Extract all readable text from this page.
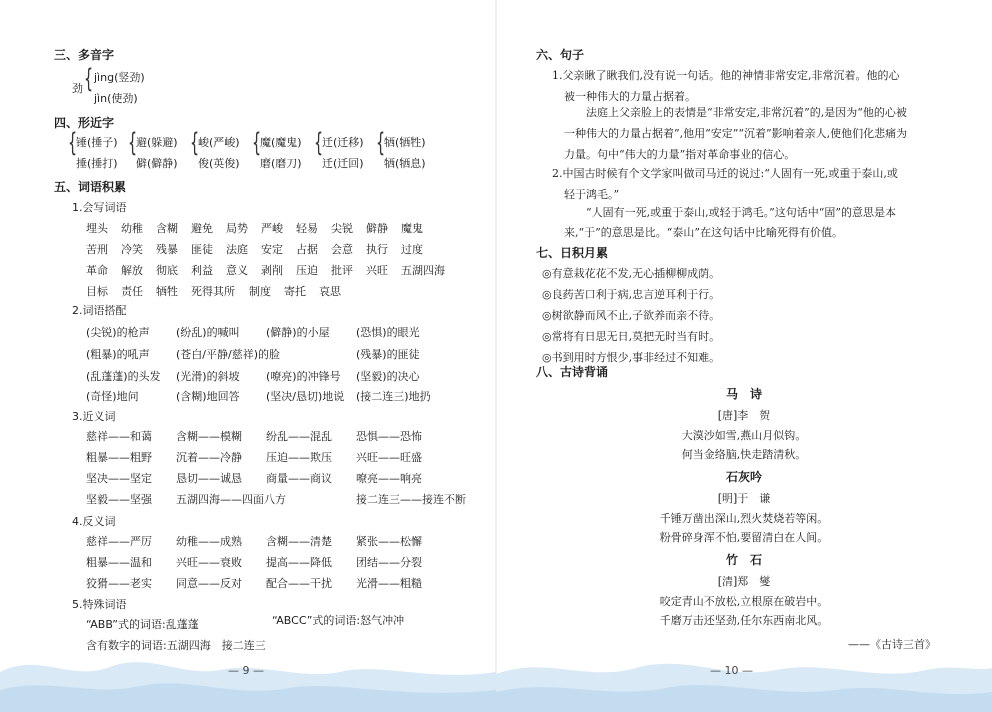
三、多音字
劲 { jìng(竖劲)
jìn(使劲)
四、形近字
{
锤(捶子)
捶(捶打)
{
避(躲避)
僻(僻静)
{
峻(严峻)
俊(英俊)
{
魔(魔鬼)
磨(磨刀)
{
迁(迁移)
迁(迁回)
{
牺(牺牲)
牺(牺息)
五、词语积累
1.会写词语
埋头 幼稚 含糊 避免 局势 严峻 轻易 尖锐 僻静 魔鬼
苦刑 冷笑 残暴 匪徒 法庭 安定 占据 会意 执行 过度
革命 解放 彻底 利益 意义 剥削 压迫 批评 兴旺 五湖四海
目标 责任 牺牲 死得其所 制度 寄托 哀思
2.词语搭配
(尖锐)的枪声 (纷乱)的喊叫 (僻静)的小屋 (恐惧)的眼光
(粗暴)的吼声 (苍白/平静/慈祥)的脸	(残暴)的匪徒
(乱蓬蓬)的头发 (光滑)的斜坡 (嘹亮)的冲锋号 (坚毅)的决心
(奇怪)地问	(含糊)地回答 (坚决/恳切)地说 (接二连三)地扔
3.近义词
慈祥——和蔼 含糊——模糊 纷乱——混乱 恐惧——恐怖
粗暴——粗野 沉着——冷静 压迫——欺压 兴旺——旺盛
坚决——坚定 恳切——诚恳 商量——商议 嘹亮——响亮
坚毅——坚强 五湖四海——四面八方	接二连三——接连不断
4.反义词
慈祥——严厉 幼稚——成熟 含糊——清楚 紧张——松懈
粗暴——温和 兴旺——衰败 提高——降低 团结——分裂
狡猾——老实 同意——反对 配合——干扰 光滑——粗糙
5.特殊词语
“ABB”式的词语:乱蓬蓬	“ABCC”式的词语:怒气冲冲
含有数字的词语:五湖四海　接二连三
— 9 —
六、句子
1.父亲瞅了瞅我们,没有说一句话。他的神情非常安定,非常沉着。他的心
被一种伟大的力量占据着。
法庭上父亲脸上的表情是“非常安定,非常沉着”的,是因为“他的心被
一种伟大的力量占据着”,他用“安定”“沉着”影响着亲人,使他们化悲痛为
力量。句中“伟大的力量”指对革命事业的信心。
2.中国古时候有个文学家叫做司马迁的说过:“人固有一死,或重于泰山,或
轻于鸿毛。”
“人固有一死,或重于泰山,或轻于鸿毛。”这句话中“固”的意思是本
来,“于”的意思是比。“泰山”在这句话中比喻死得有价值。
七、日积月累
◎有意栽花花不发,无心插柳柳成荫。
◎良药苦口利于病,忠言逆耳利于行。
◎树欲静而风不止,子欲养而亲不待。
◎常将有日思无日,莫把无时当有时。
◎书到用时方恨少,事非经过不知难。
八、古诗背诵
马　诗
[唐]李　贺
大漠沙如雪,燕山月似钩。
何当金络脑,快走踏清秋。
石灰吟
[明]于　谦
千锤万凿出深山,烈火焚烧若等闲。
粉骨碎身浑不怕,要留清白在人间。
竹　石
[清]郑　燮
咬定青山不放松,立根原在破岩中。
千磨万击还坚劲,任尔东西南北风。
——《古诗三首》
— 10 —
